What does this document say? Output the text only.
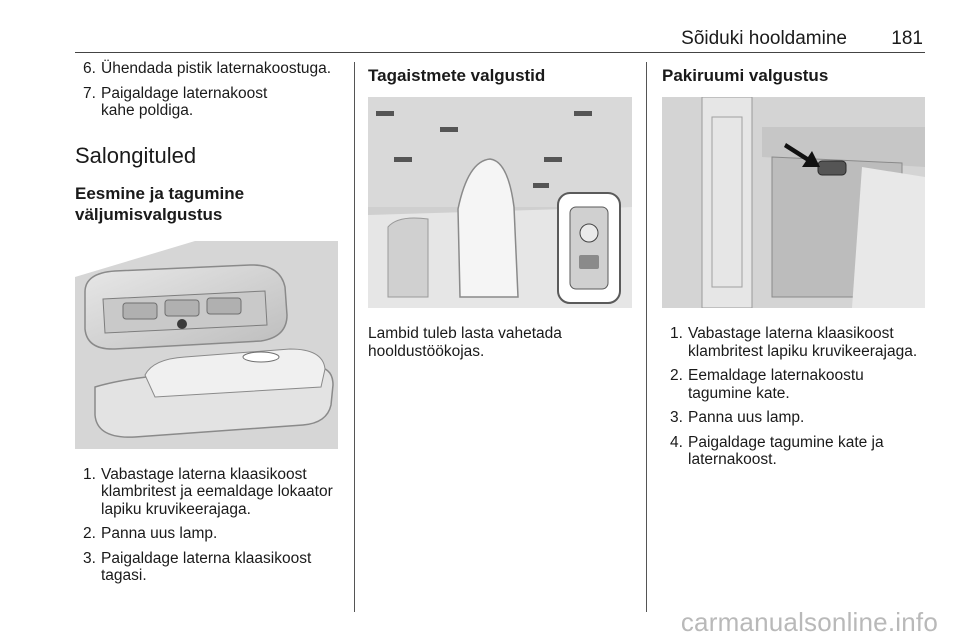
Sõiduki hooldamine 181
6. Ühendada pistik laternakoostuga.
7. Paigaldage laternakoost kahe poldiga.
Salongituled
Eesmine ja tagumine väljumisvalgustus
1. Vabastage laterna klaasikoost klambritest ja eemaldage lokaator lapiku kruvikeerajaga.
2. Panna uus lamp.
3. Paigaldage laterna klaasikoost tagasi.
Tagaistmete valgustid
Lambid tuleb lasta vahetada hooldustöökojas.
Pakiruumi valgustus
1. Vabastage laterna klaasikoost klambritest lapiku kruvikeerajaga.
2. Eemaldage laternakoostu tagumine kate.
3. Panna uus lamp.
4. Paigaldage tagumine kate ja laternakoost.
carmanualsonline.info
